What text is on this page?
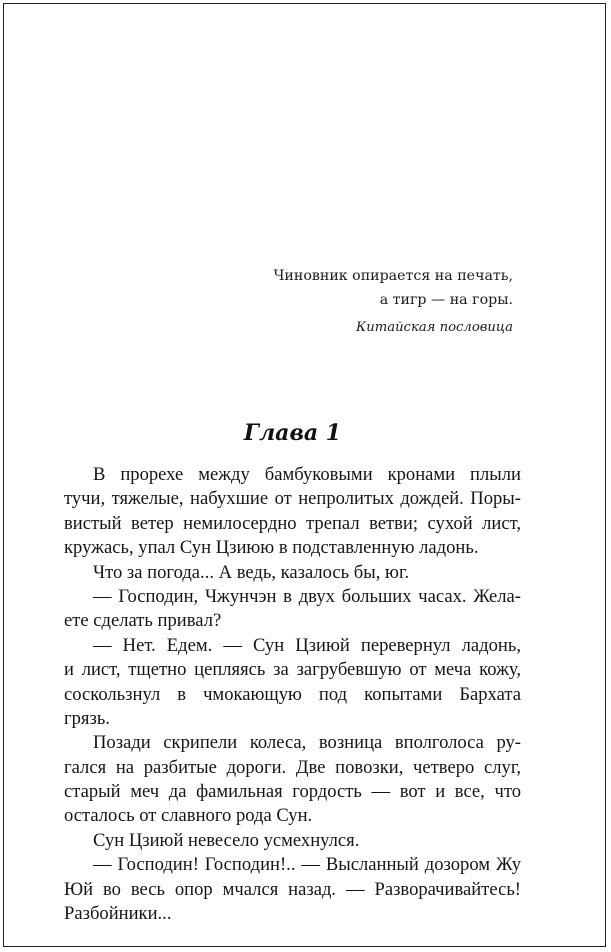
Чиновник опирается на печать,
а тигр — на горы.
Китайская пословица
Глава 1
В прорехе между бамбуковыми кронами плыли
тучи, тяжелые, набухшие от непролитых дождей. Поры-
вистый ветер немилосердно трепал ветви; сухой лист,
кружась, упал Сун Цзиюю в подставленную ладонь.
Что за погода... А ведь, казалось бы, юг.
— Господин, Чжунчэн в двух больших часах. Жела-
ете сделать привал?
— Нет. Едем. — Сун Цзиюй перевернул ладонь,
и лист, тщетно цепляясь за загрубевшую от меча кожу,
соскользнул в чмокающую под копытами Бархата
грязь.
Позади скрипели колеса, возница вполголоса ру-
гался на разбитые дороги. Две повозки, четверо слуг,
старый меч да фамильная гордость — вот и все, что
осталось от славного рода Сун.
Сун Цзиюй невесело усмехнулся.
— Господин! Господин!.. — Высланный дозором Жу
Юй во весь опор мчался назад. — Разворачивайтесь!
Разбойники...
